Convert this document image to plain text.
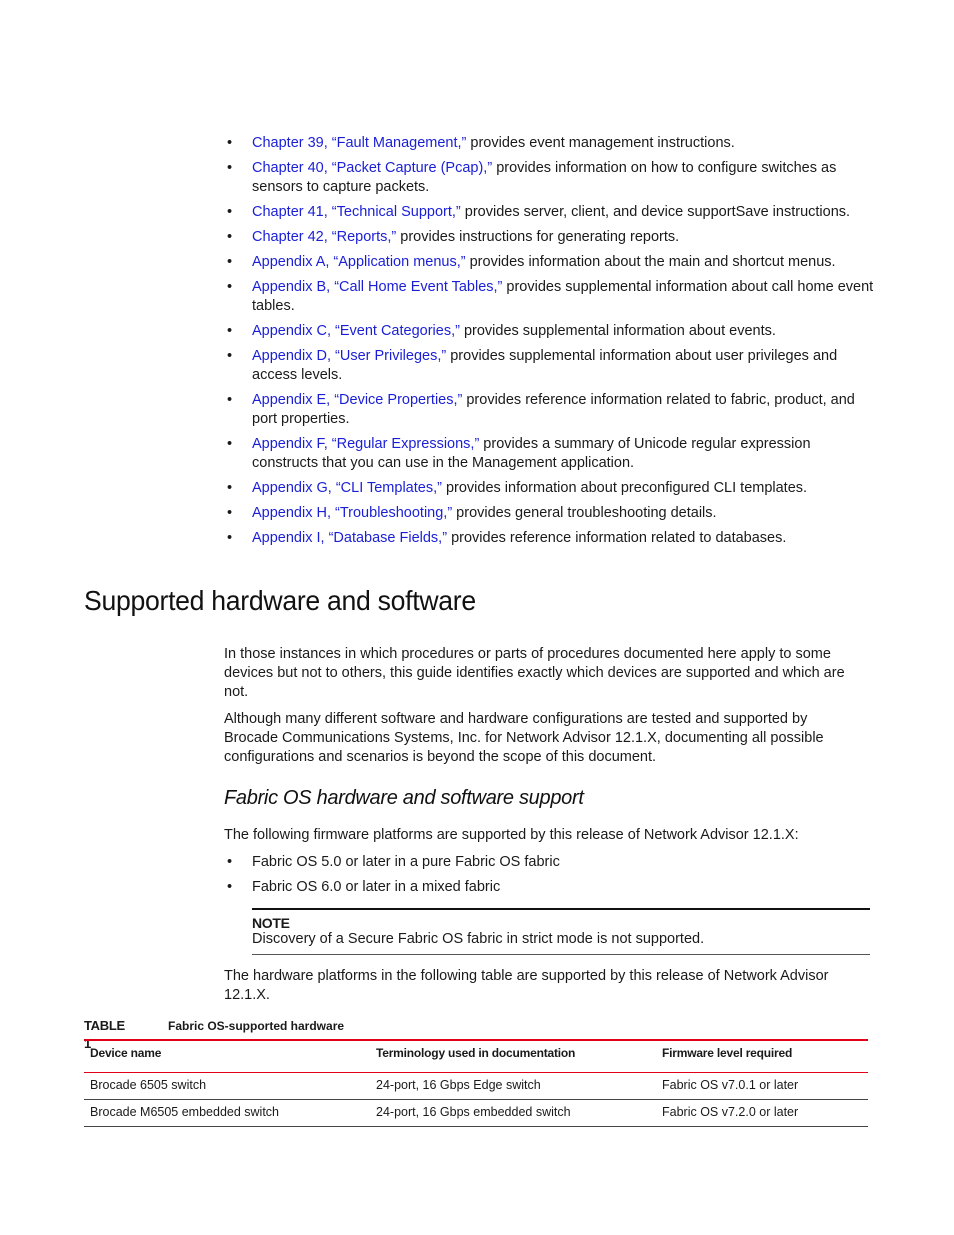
• Chapter 39, “Fault Management,” provides event management instructions.
• Chapter 40, “Packet Capture (Pcap),” provides information on how to configure switches as sensors to capture packets.
• Chapter 41, “Technical Support,” provides server, client, and device supportSave instructions.
• Chapter 42, “Reports,” provides instructions for generating reports.
• Appendix A, “Application menus,” provides information about the main and shortcut menus.
• Appendix B, “Call Home Event Tables,” provides supplemental information about call home event tables.
• Appendix C, “Event Categories,” provides supplemental information about events.
• Appendix D, “User Privileges,” provides supplemental information about user privileges and access levels.
• Appendix E, “Device Properties,” provides reference information related to fabric, product, and port properties.
• Appendix F, “Regular Expressions,” provides a summary of Unicode regular expression constructs that you can use in the Management application.
• Appendix G, “CLI Templates,” provides information about preconfigured CLI templates.
• Appendix H, “Troubleshooting,” provides general troubleshooting details.
• Appendix I, “Database Fields,” provides reference information related to databases.
Supported hardware and software

In those instances in which procedures or parts of procedures documented here apply to some devices but not to others, this guide identifies exactly which devices are supported and which are not.

Although many different software and hardware configurations are tested and supported by Brocade Communications Systems, Inc. for Network Advisor 12.1.X, documenting all possible configurations and scenarios is beyond the scope of this document.

Fabric OS hardware and software support

The following firmware platforms are supported by this release of Network Advisor 12.1.X:

• Fabric OS 5.0 or later in a pure Fabric OS fabric
• Fabric OS 6.0 or later in a mixed fabric
NOTE
Discovery of a Secure Fabric OS fabric in strict mode is not supported.

The hardware platforms in the following table are supported by this release of Network Advisor 12.1.X.

TABLE 1
Fabric OS-supported hardware
Device name	Terminology used in documentation	Firmware level required
Brocade 6505 switch	24-port, 16 Gbps Edge switch	Fabric OS v7.0.1 or later
Brocade M6505 embedded switch	24-port, 16 Gbps embedded switch	Fabric OS v7.2.0 or later
